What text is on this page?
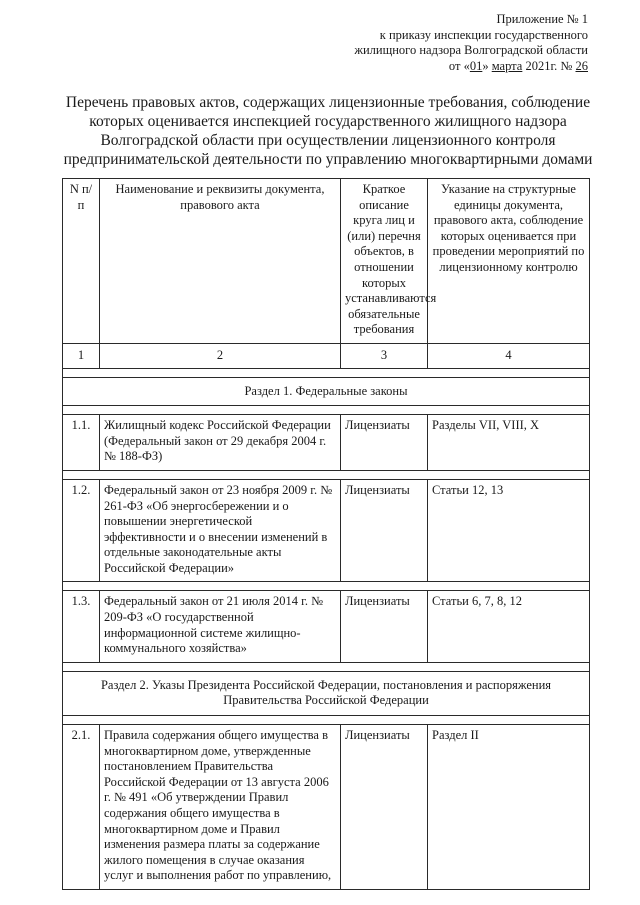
Приложение № 1
к приказу инспекции государственного
жилищного надзора Волгоградской области
от «01» марта 2021г. № 26
Перечень правовых актов, содержащих лицензионные требования, соблюдение которых оценивается инспекцией государственного жилищного надзора Волгоградской области при осуществлении лицензионного контроля предпринимательской деятельности по управлению многоквартирными домами
N п/п	Наименование и реквизиты документа, правового акта	Краткое описание круга лиц и (или) перечня объектов, в отношении которых устанавливаются обязательные требования	Указание на структурные единицы документа, правового акта, соблюдение которых оценивается при проведении мероприятий по лицензионному контролю
1	2	3	4

Раздел 1. Федеральные законы			

1.1.	Жилищный кодекс Российской Федерации (Федеральный закон от 29 декабря 2004 г. № 188-ФЗ)	Лицензиаты	Разделы VII, VIII, X

1.2.	Федеральный закон от 23 ноября 2009 г. № 261-ФЗ «Об энергосбережении и о повышении энергетической эффективности и о внесении изменений в отдельные законодательные акты Российской Федерации»	Лицензиаты	Статьи 12, 13

1.3.	Федеральный закон от 21 июля 2014 г. № 209-ФЗ «О государственной информационной системе жилищно-коммунального хозяйства»	Лицензиаты	Статьи 6, 7, 8, 12

Раздел 2. Указы Президента Российской Федерации, постановления и распоряжения Правительства Российской Федерации			

2.1.	Правила содержания общего имущества в многоквартирном доме, утвержденные постановлением Правительства Российской Федерации от 13 августа 2006 г. № 491 «Об утверждении Правил содержания общего имущества в многоквартирном доме и Правил изменения размера платы за содержание жилого помещения в случае оказания услуг и выполнения работ по управлению,	Лицензиаты	Раздел II
